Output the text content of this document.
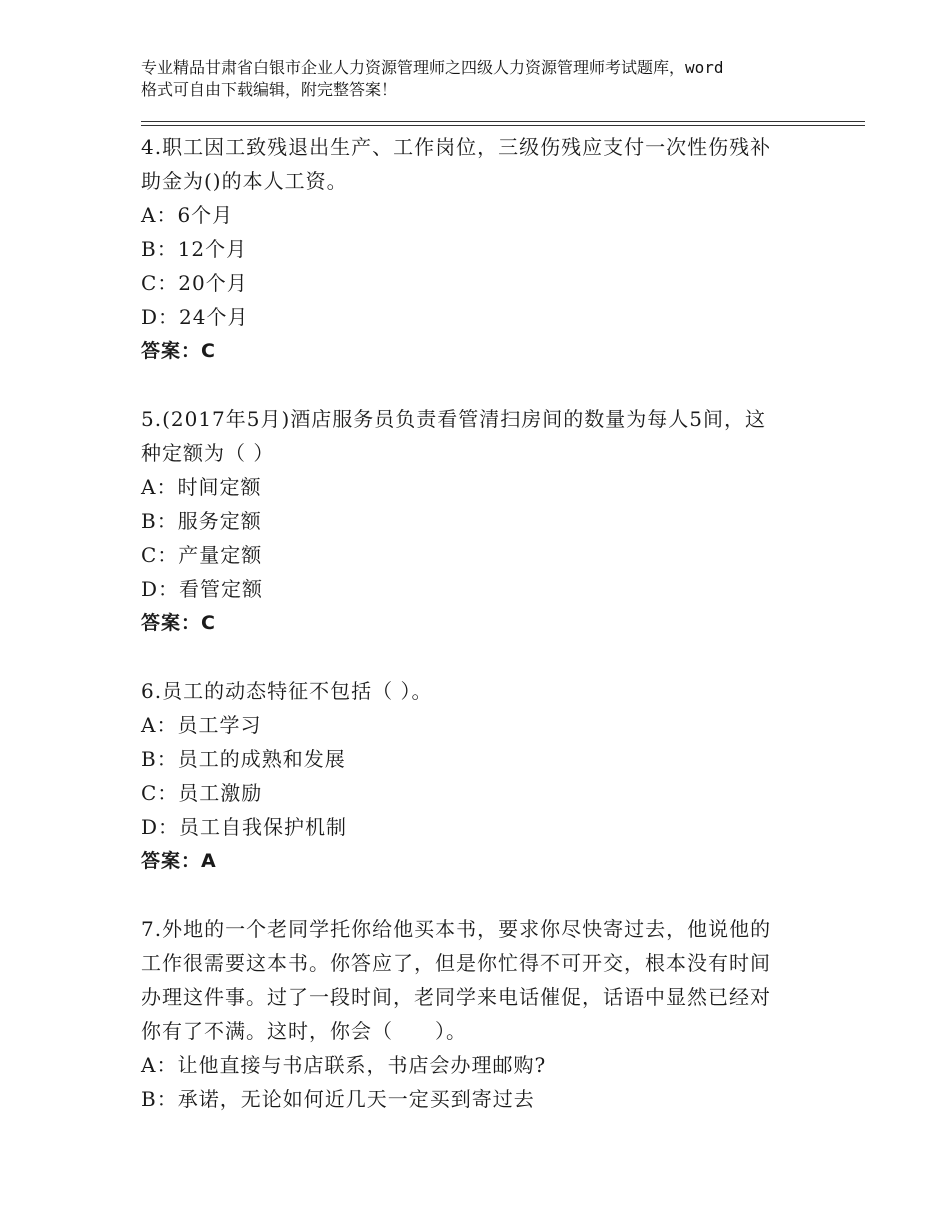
专业精品甘肃省白银市企业人力资源管理师之四级人力资源管理师考试题库，word
格式可自由下载编辑，附完整答案！

4.职工因工致残退出生产、工作岗位，三级伤残应支付一次性伤残补

助金为()的本人工资。

A：6个月

B：12个月

C：20个月

D：24个月

答案：C

5.(2017年5月)酒店服务员负责看管清扫房间的数量为每人5间，这

种定额为（ ）

A：时间定额

B：服务定额

C：产量定额

D：看管定额

答案：C

6.员工的动态特征不包括（ ）。

A：员工学习

B：员工的成熟和发展

C：员工激励

D：员工自我保护机制

答案：A

7.外地的一个老同学托你给他买本书，要求你尽快寄过去，他说他的

工作很需要这本书。你答应了，但是你忙得不可开交，根本没有时间

办理这件事。过了一段时间，老同学来电话催促，话语中显然已经对

你有了不满。这时，你会（　　）。

A：让他直接与书店联系，书店会办理邮购?

B：承诺，无论如何近几天一定买到寄过去
